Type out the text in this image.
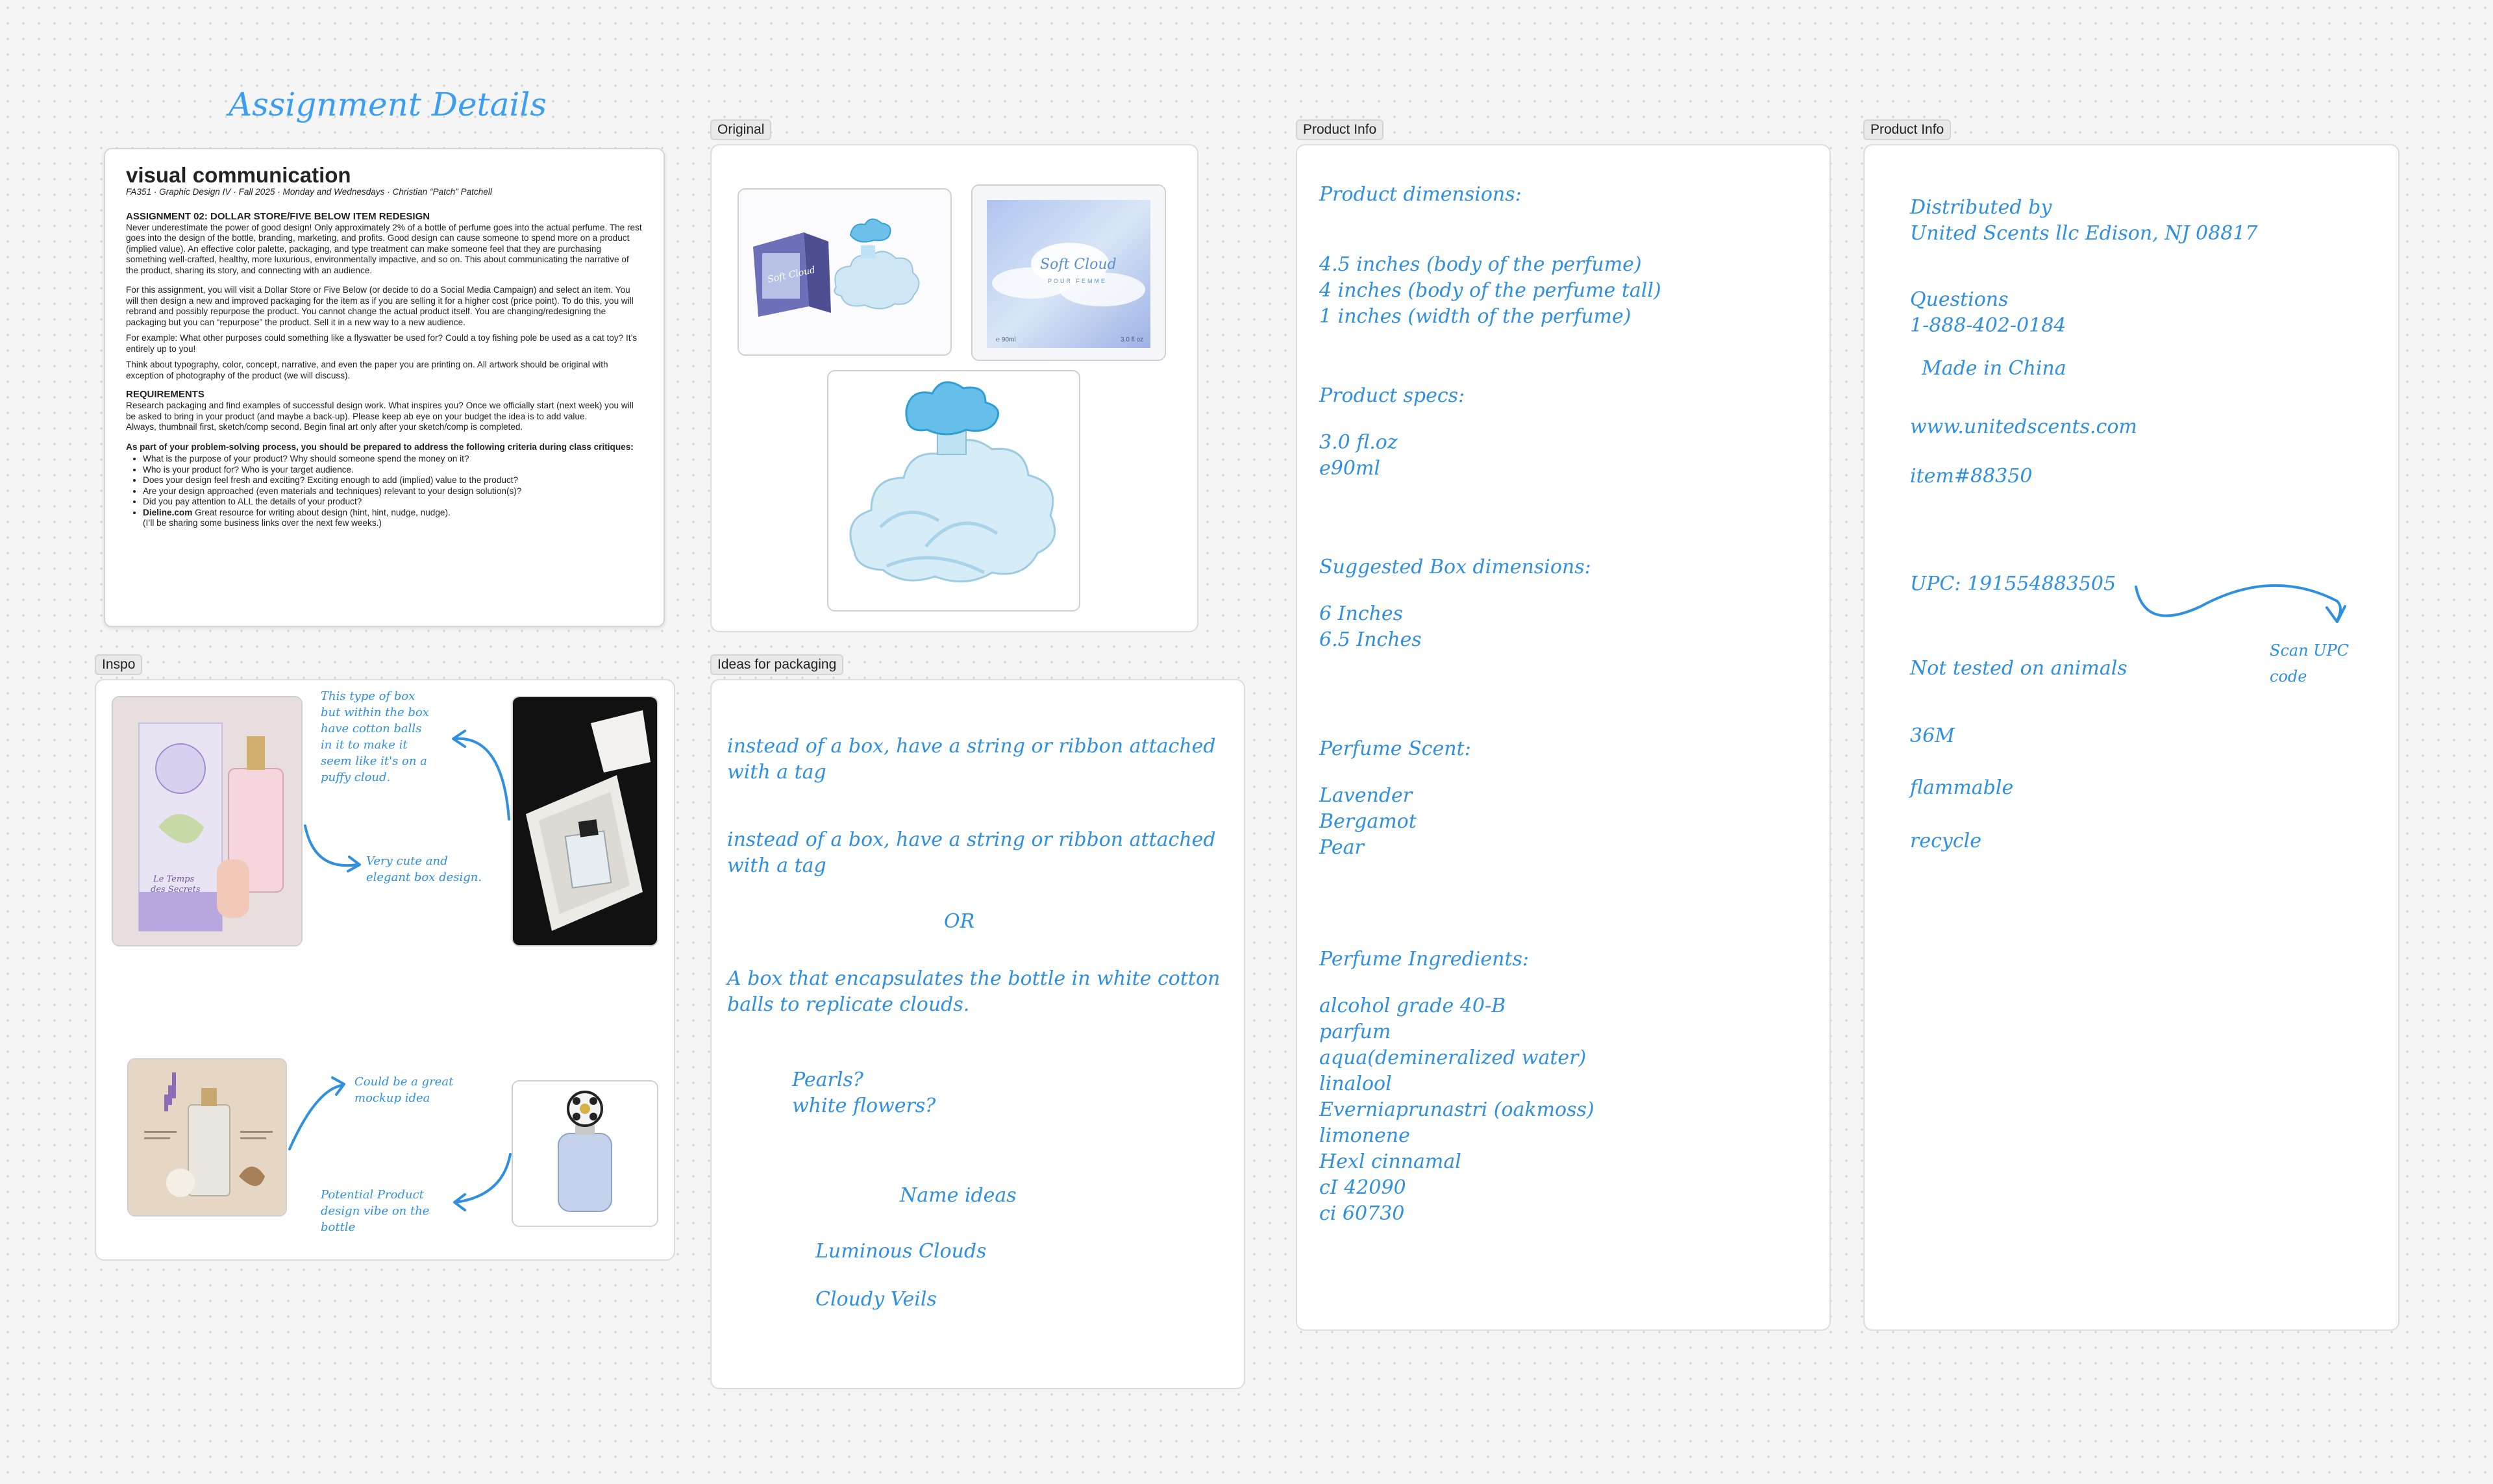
Assignment Details
visual communication
FA351 · Graphic Design IV · Fall 2025 · Monday and Wednesdays · Christian “Patch” Patchell
ASSIGNMENT 02: DOLLAR STORE/FIVE BELOW ITEM REDESIGN

Never underestimate the power of good design! Only approximately 2% of a bottle of perfume goes into the actual perfume. The rest goes into the design of the bottle, branding, marketing, and profits. Good design can cause someone to spend more on a product (implied value). An effective color palette, packaging, and type treatment can make someone feel that they are purchasing something well-crafted, healthy, more luxurious, environmentally impactive, and so on. This about communicating the narrative of the product, sharing its story, and connecting with an audience.

For this assignment, you will visit a Dollar Store or Five Below (or decide to do a Social Media Campaign) and select an item. You will then design a new and improved packaging for the item as if you are selling it for a higher cost (price point). To do this, you will rebrand and possibly repurpose the product. You cannot change the actual product itself. You are changing/redesigning the packaging but you can “repurpose” the product. Sell it in a new way to a new audience.

For example: What other purposes could something like a flyswatter be used for? Could a toy fishing pole be used as a cat toy? It’s entirely up to you!

Think about typography, color, concept, narrative, and even the paper you are printing on. All artwork should be original with exception of photography of the product (we will discuss).

REQUIREMENTS

Research packaging and find examples of successful design work. What inspires you? Once we officially start (next week) you will be asked to bring in your product (and maybe a back-up). Please keep ab eye on your budget the idea is to add value.

Always, thumbnail first, sketch/comp second. Begin final art only after your sketch/comp is completed.

As part of your problem-solving process, you should be prepared to address the following criteria during class critiques:

• What is the purpose of your product? Why should someone spend the money on it?
• Who is your product for? Who is your target audience.
• Does your design feel fresh and exciting? Exciting enough to add (implied) value to the product?
• Are your design approached (even materials and techniques) relevant to your design solution(s)?
• Did you pay attention to ALL the details of your product?
• Dieline.com Great resource for writing about design (hint, hint, nudge, nudge).
(I’ll be sharing some business links over the next few weeks.)
Original
Soft Cloud
Soft Cloud
POUR FEMME
℮ 90ml	3.0 fl oz
Product Info
Product dimensions:
4.5 inches (body of the perfume)
4 inches (body of the perfume tall)
1 inches (width of the perfume)
Product specs:
3.0 fl.oz
e90ml
Suggested Box dimensions:
6 Inches
6.5 Inches
Perfume Scent:
Lavender
Bergamot
Pear
Perfume Ingredients:
alcohol grade 40-B
parfum
aqua(demineralized water)
linalool
Everniaprunastri (oakmoss)
limonene
Hexl cinnamal
cI 42090
ci 60730
Product Info
Distributed by
United Scents llc Edison, NJ 08817
Questions
1-888-402-0184
Made in China
www.unitedscents.com
item#88350
UPC: 191554883505
Scan UPC
code
Not tested on animals
36M
flammable
recycle
Inspo
Le Temps
des Secrets
This type of box
but within the box
have cotton balls
in it to make it
seem like it's on a
puffy cloud.
Very cute and
elegant box design.
Could be a great
mockup idea
Potential Product
design vibe on the
bottle
Ideas for packaging
instead of a box, have a string or ribbon attached
with a tag
instead of a box, have a string or ribbon attached
with a tag
OR
A box that encapsulates the bottle in white cotton
balls to replicate clouds.
Pearls?
white flowers?
Name ideas
Luminous Clouds
Cloudy Veils
